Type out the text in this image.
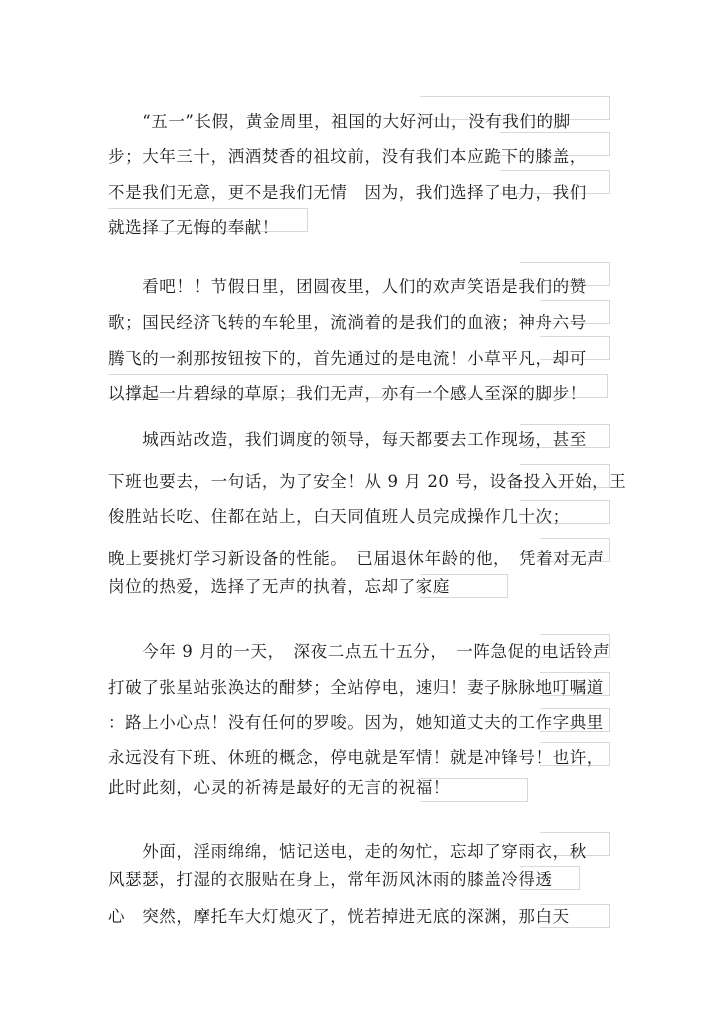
　　“五一”长假，黄金周里，祖国的大好河山，没有我们的脚
步；大年三十，洒酒焚香的祖坟前，没有我们本应跪下的膝盖，
不是我们无意，更不是我们无情　因为，我们选择了电力，我们
就选择了无悔的奉献！
　　看吧！！节假日里，团圆夜里，人们的欢声笑语是我们的赞
歌；国民经济飞转的车轮里，流淌着的是我们的血液；神舟六号
腾飞的一刹那按钮按下的，首先通过的是电流！小草平凡，却可
以撑起一片碧绿的草原；我们无声，亦有一个感人至深的脚步！
　　城西站改造，我们调度的领导，每天都要去工作现场，甚至
下班也要去，一句话，为了安全！从 9 月 20 号，设备投入开始，王
俊胜站长吃、住都在站上，白天同值班人员完成操作几十次；
晚上要挑灯学习新设备的性能。　已届退休年龄的他，　凭着对无声
岗位的热爱，选择了无声的执着，忘却了家庭
　　今年 9 月的一天，　深夜二点五十五分，　一阵急促的电话铃声
打破了张星站张涣达的酣梦；全站停电，速归！妻子脉脉地叮嘱道
：路上小心点！没有任何的罗唆。因为，她知道丈夫的工作字典里
永远没有下班、休班的概念，停电就是军情！就是冲锋号！也许，
此时此刻，心灵的祈祷是最好的无言的祝福！
　　外面，淫雨绵绵，惦记送电，走的匆忙，忘却了穿雨衣，秋
风瑟瑟，打湿的衣服贴在身上，常年沥风沐雨的膝盖冷得透
心　突然，摩托车大灯熄灭了，恍若掉进无底的深渊，那白天
